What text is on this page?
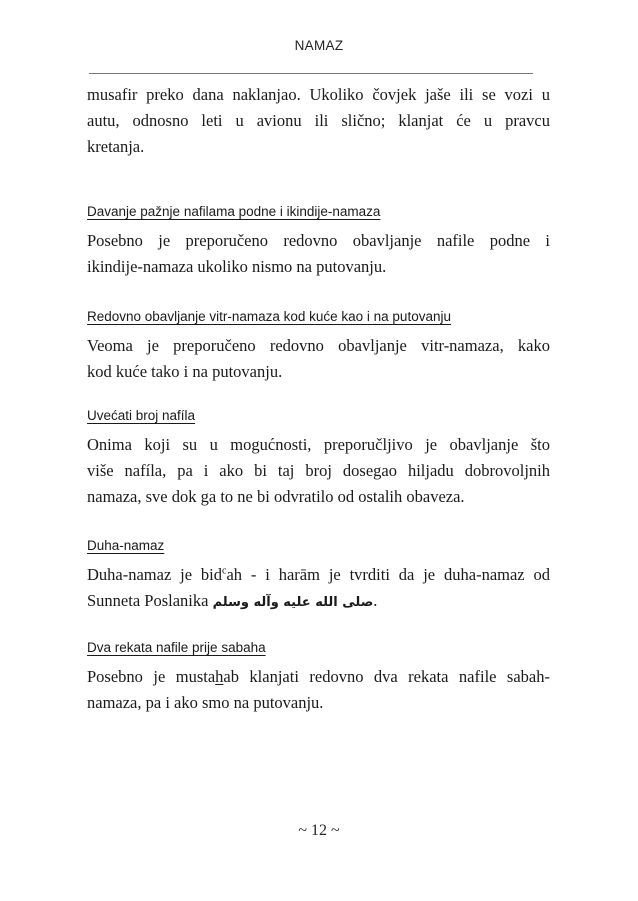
NAMAZ

musafir preko dana naklanjao. Ukoliko čovjek jaše ili se vozi u
autu, odnosno leti u avionu ili slično; klanjat će u pravcu
kretanja.

Davanje pažnje nafilama podne i ikindije-namaza

Posebno je preporučeno redovno obavljanje nafile podne i
ikindije-namaza ukoliko nismo na putovanju.

Redovno obavljanje vitr-namaza kod kuće kao i na putovanju

Veoma je preporučeno redovno obavljanje vitr-namaza, kako
kod kuće tako i na putovanju.

Uvećati broj nafíla

Onima koji su u mogućnosti, preporučljivo je obavljanje što
više nafíla, pa i ako bi taj broj dosegao hiljadu dobrovoljnih
namaza, sve dok ga to ne bi odvratilo od ostalih obaveza.

Duha-namaz

Duha-namaz je bid$^c$ah - i harām je tvrditi da je duha-namaz od
Sunneta Poslanika صلى الله عليه وآله وسلم.

Dva rekata nafile prije sabaha

Posebno je mustahab klanjati redovno dva rekata nafile sabah-
namaza, pa i ako smo na putovanju.

~ 12 ~
